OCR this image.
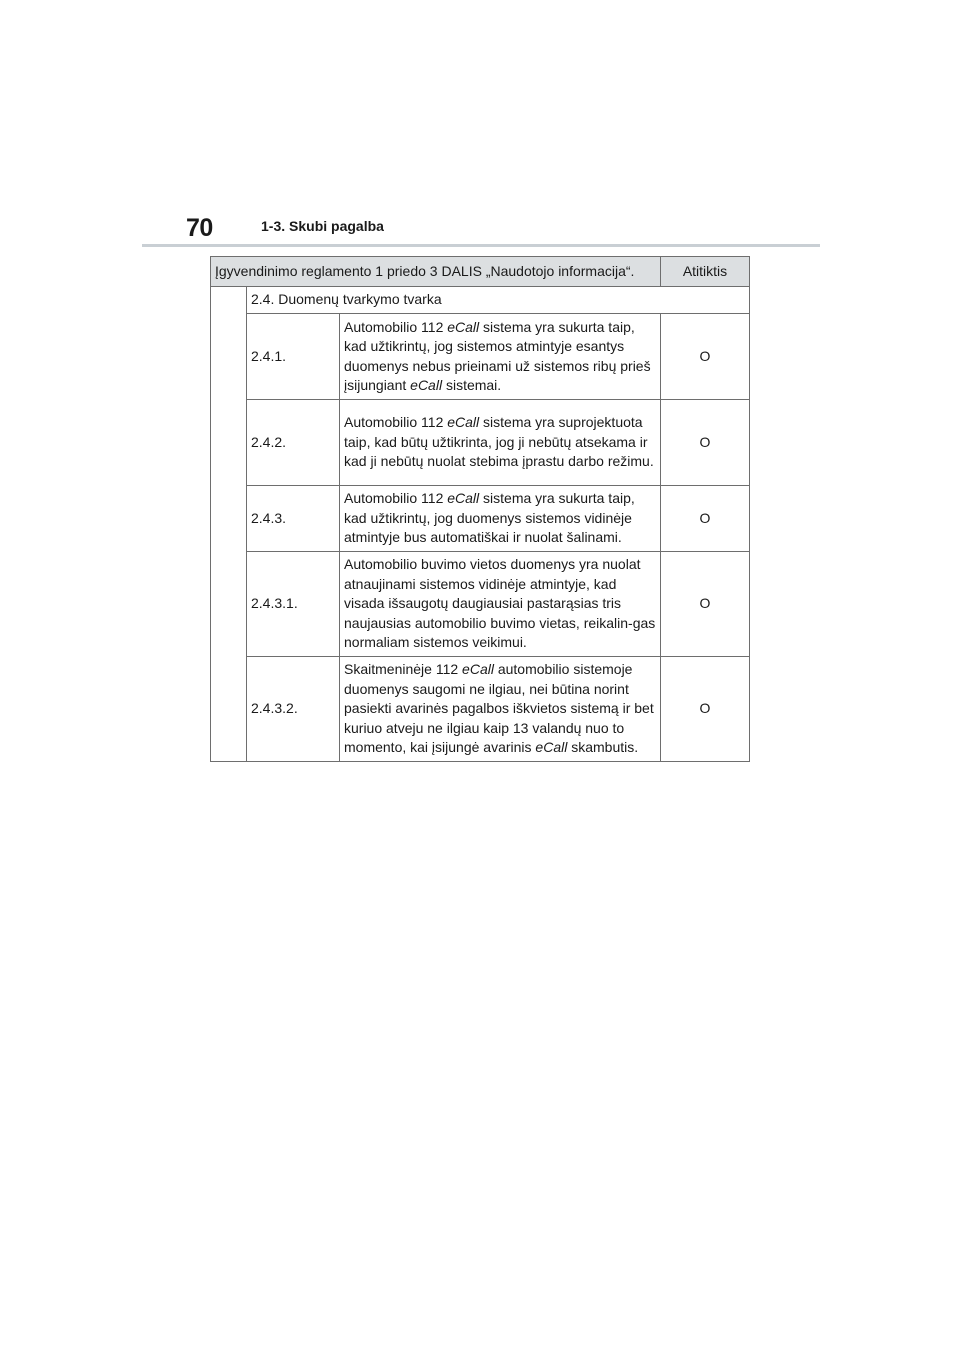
70	1-3. Skubi pagalba
Įgyvendinimo reglamento 1 priedo 3 DALIS „Naudotojo informacija“.			Atitiktis
	2.4. Duomenų tvarkymo tvarka		
	2.4.1.	Automobilio 112 eCall sistema yra sukurta taip, kad užtikrintų, jog sistemos atmintyje esantys duomenys nebus prieinami už sistemos ribų prieš įsijungiant eCall sistemai.	O
	2.4.2.	Automobilio 112 eCall sistema yra suprojektuota taip, kad būtų užtikrinta, jog ji nebūtų atsekama ir kad ji nebūtų nuolat stebima įprastu darbo režimu.	O
	2.4.3.	Automobilio 112 eCall sistema yra sukurta taip, kad užtikrintų, jog duomenys sistemos vidinėje atmintyje bus automatiškai ir nuolat šalinami.	O
	2.4.3.1.	Automobilio buvimo vietos duomenys yra nuolat atnaujinami sistemos vidinėje atmintyje, kad visada išsaugotų daugiausiai pastarąsias tris naujausias automobilio buvimo vietas, reikalin-gas normaliam sistemos veikimui.	O
	2.4.3.2.	Skaitmeninėje 112 eCall automobilio sistemoje duomenys saugomi ne ilgiau, nei būtina norint pasiekti avarinės pagalbos iškvietos sistemą ir bet kuriuo atveju ne ilgiau kaip 13 valandų nuo to momento, kai įsijungė avarinis eCall skambutis.	O
